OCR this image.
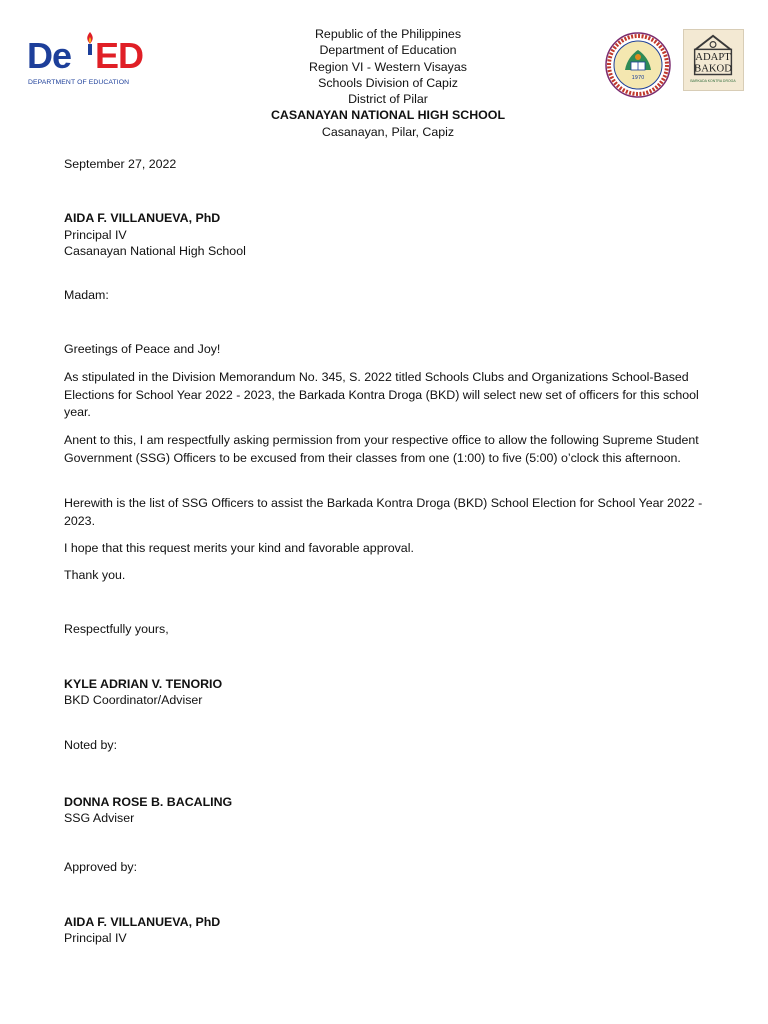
De ED
DEPARTMENT OF EDUCATION
Republic of the Philippines
Department of Education
Region VI - Western Visayas
Schools Division of Capiz
District of Pilar
CASANAYAN NATIONAL HIGH SCHOOL
Casanayan, Pilar, Capiz
1970
ADAPT
BAKOD
BARKADA KONTRA DROGA
September 27, 2022
AIDA F. VILLANUEVA, PhD
Principal IV
Casanayan National High School
Madam:
Greetings of Peace and Joy!
As stipulated in the Division Memorandum No. 345, S. 2022 titled Schools Clubs and Organizations School-Based Elections for School Year 2022 - 2023, the Barkada Kontra Droga (BKD) will select new set of officers for this school year.
Anent to this, I am respectfully asking permission from your respective office to allow the following Supreme Student Government (SSG) Officers to be excused from their classes from one (1:00) to five (5:00) o’clock this afternoon.
Herewith is the list of SSG Officers to assist the Barkada Kontra Droga (BKD) School Election for School Year 2022 - 2023.
I hope that this request merits your kind and favorable approval.
Thank you.
Respectfully yours,
KYLE ADRIAN V. TENORIO
BKD Coordinator/Adviser
Noted by:
DONNA ROSE B. BACALING
SSG Adviser
Approved by:
AIDA F. VILLANUEVA, PhD
Principal IV
